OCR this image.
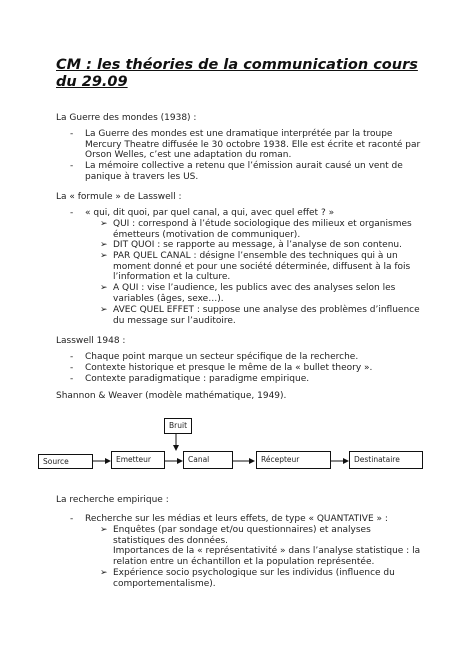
CM : les théories de la communication cours du 29.09
La Guerre des mondes (1938) :
- La Guerre des mondes est une dramatique interprétée par la troupe
Mercury Theatre diffusée le 30 octobre 1938. Elle est écrite et raconté par
Orson Welles, c’est une adaptation du roman.
- La mémoire collective a retenu que l’émission aurait causé un vent de
panique à travers les US.
La « formule » de Lasswell :
- « qui, dit quoi, par quel canal, a qui, avec quel effet ? »
➢ QUI : correspond à l’étude sociologique des milieux et organismes
émetteurs (motivation de communiquer).
➢ DIT QUOI : se rapporte au message, à l’analyse de son contenu.
➢ PAR QUEL CANAL : désigne l’ensemble des techniques qui à un
moment donné et pour une société déterminée, diffusent à la fois
l’information et la culture.
➢ A QUI : vise l’audience, les publics avec des analyses selon les
variables (âges, sexe…).
➢ AVEC QUEL EFFET : suppose une analyse des problèmes d’influence
du message sur l’auditoire.
Lasswell 1948 :
- Chaque point marque un secteur spécifique de la recherche.
- Contexte historique et presque le même de la « bullet theory ».
- Contexte paradigmatique : paradigme empirique.
Shannon & Weaver (modèle mathématique, 1949).
Bruit
Source	Emetteur	Canal	Récepteur	Destinataire
La recherche empirique :
- Recherche sur les médias et leurs effets, de type « QUANTATIVE » :
➢ Enquêtes (par sondage et/ou questionnaires) et analyses
statistiques des données.
Importances de la « représentativité » dans l’analyse statistique : la
relation entre un échantillon et la population représentée.
➢ Expérience socio psychologique sur les individus (influence du
comportementalisme).
